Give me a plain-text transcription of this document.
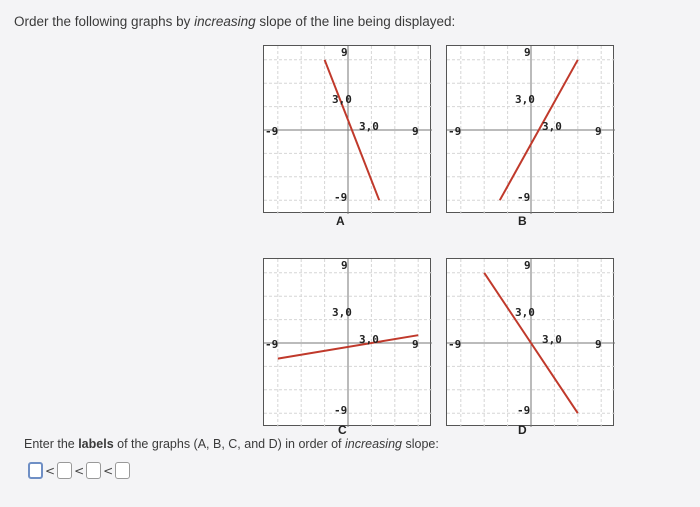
Order the following graphs by increasing slope of the line being displayed:
9
3,0
3,0
-9	9
-9
A
9
3,0
3,0
-9	9
-9
B
9
3,0
3,0
-9	9
-9
C
9
3,0
3,0
-9	9
-9
D
Enter the labels of the graphs (A, B, C, and D) in order of increasing slope:
< < <
